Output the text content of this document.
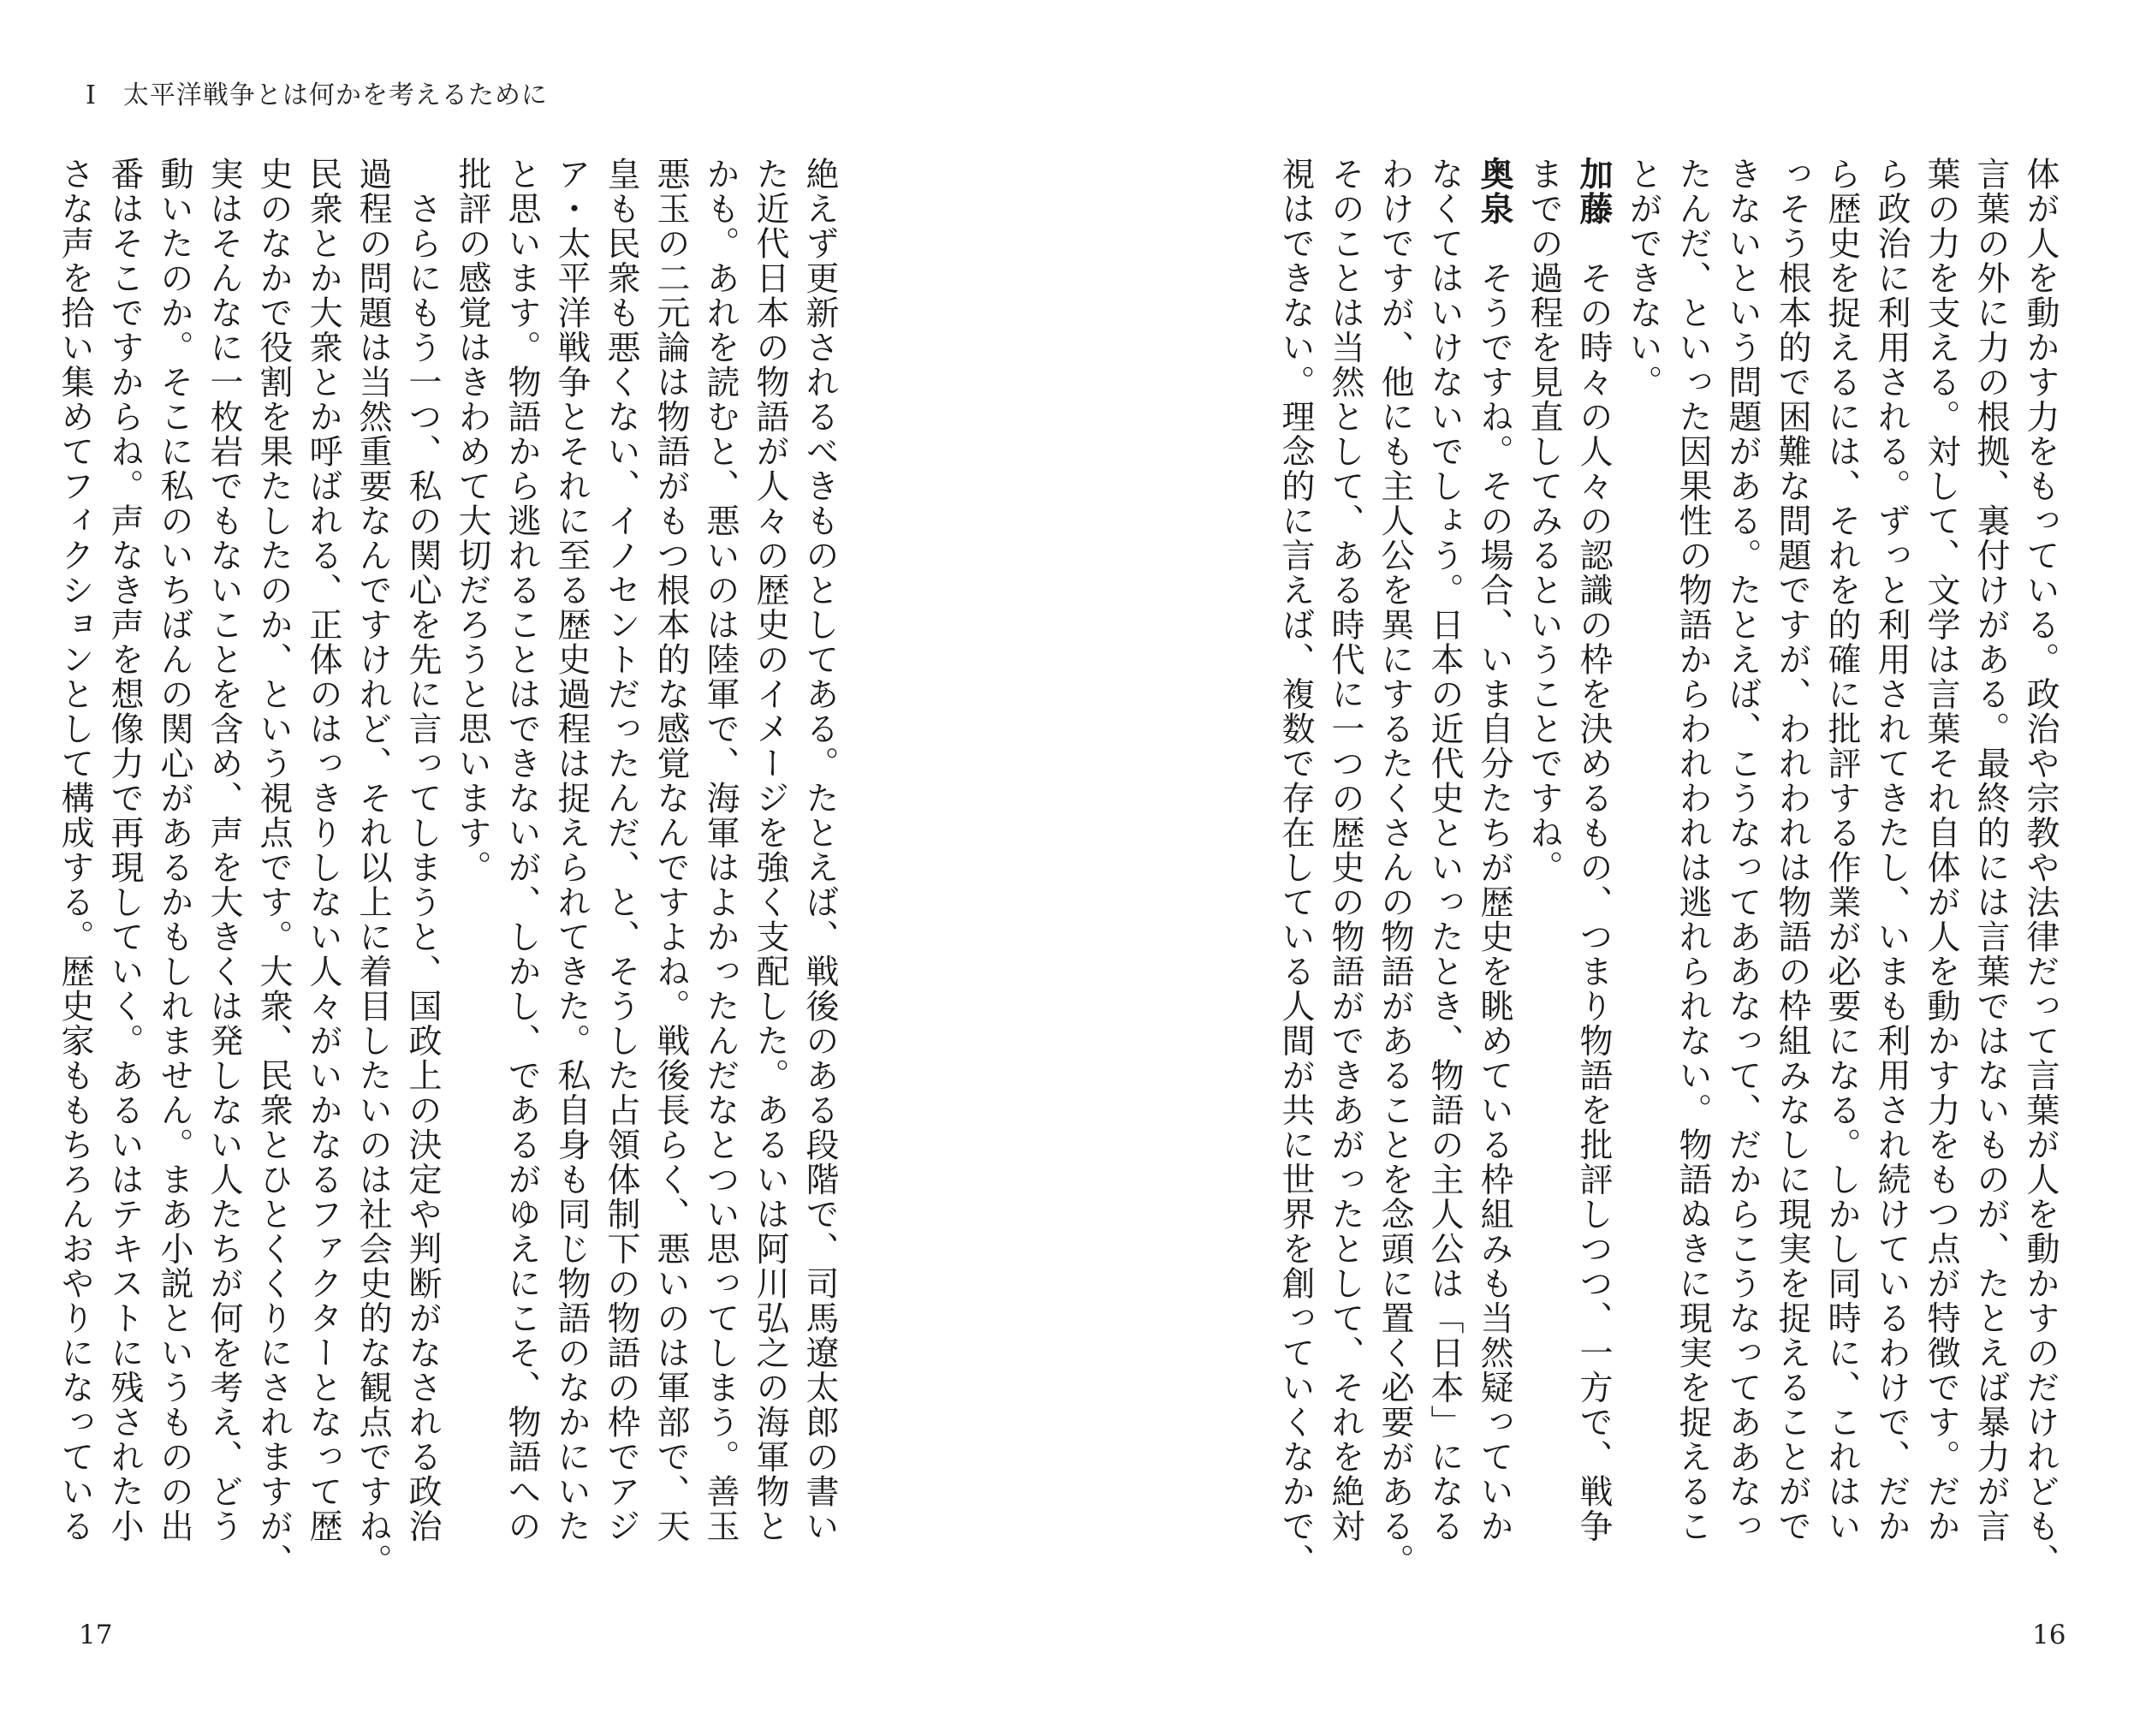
I　太平洋戦争とは何かを考えるために
絶えず更新されるべきものとしてある。たとえば、戦後のある段階で、司馬遼太郎の書い
た近代日本の物語が人々の歴史のイメージを強く支配した。あるいは阿川弘之の海軍物と
かも。あれを読むと、悪いのは陸軍で、海軍はよかったんだなとつい思ってしまう。善玉
悪玉の二元論は物語がもつ根本的な感覚なんですよね。戦後長らく、悪いのは軍部で、天
皇も民衆も悪くない、イノセントだったんだ、と、そうした占領体制下の物語の枠でアジ
ア・太平洋戦争とそれに至る歴史過程は捉えられてきた。私自身も同じ物語のなかにいた
と思います。物語から逃れることはできないが、しかし、であるがゆえにこそ、物語への
批評の感覚はきわめて大切だろうと思います。
　さらにもう一つ、私の関心を先に言ってしまうと、国政上の決定や判断がなされる政治
過程の問題は当然重要なんですけれど、それ以上に着目したいのは社会史的な観点ですね。
民衆とか大衆とか呼ばれる、正体のはっきりしない人々がいかなるファクターとなって歴
史のなかで役割を果たしたのか、という視点です。大衆、民衆とひとくくりにされますが、
実はそんなに一枚岩でもないことを含め、声を大きくは発しない人たちが何を考え、どう
動いたのか。そこに私のいちばんの関心があるかもしれません。まあ小説というものの出
番はそこですからね。声なき声を想像力で再現していく。あるいはテキストに残された小
さな声を拾い集めてフィクションとして構成する。歴史家ももちろんおやりになっている	体が人を動かす力をもっている。政治や宗教や法律だって言葉が人を動かすのだけれども、
言葉の外に力の根拠、裏付けがある。最終的には言葉ではないものが、たとえば暴力が言
葉の力を支える。対して、文学は言葉それ自体が人を動かす力をもつ点が特徴です。だか
ら政治に利用される。ずっと利用されてきたし、いまも利用され続けているわけで、だか
ら歴史を捉えるには、それを的確に批評する作業が必要になる。しかし同時に、これはい
っそう根本的で困難な問題ですが、われわれは物語の枠組みなしに現実を捉えることがで
きないという問題がある。たとえば、こうなってああなって、だからこうなってああなっ
たんだ、といった因果性の物語からわれわれは逃れられない。物語ぬきに現実を捉えるこ
とができない。
加藤　その時々の人々の認識の枠を決めるもの、つまり物語を批評しつつ、一方で、戦争
までの過程を見直してみるということですね。
奥泉　そうですね。その場合、いま自分たちが歴史を眺めている枠組みも当然疑っていか
なくてはいけないでしょう。日本の近代史といったとき、物語の主人公は「日本」になる
わけですが、他にも主人公を異にするたくさんの物語があることを念頭に置く必要がある。
そのことは当然として、ある時代に一つの歴史の物語ができあがったとして、それを絶対
視はできない。理念的に言えば、複数で存在している人間が共に世界を創っていくなかで、
17	16
